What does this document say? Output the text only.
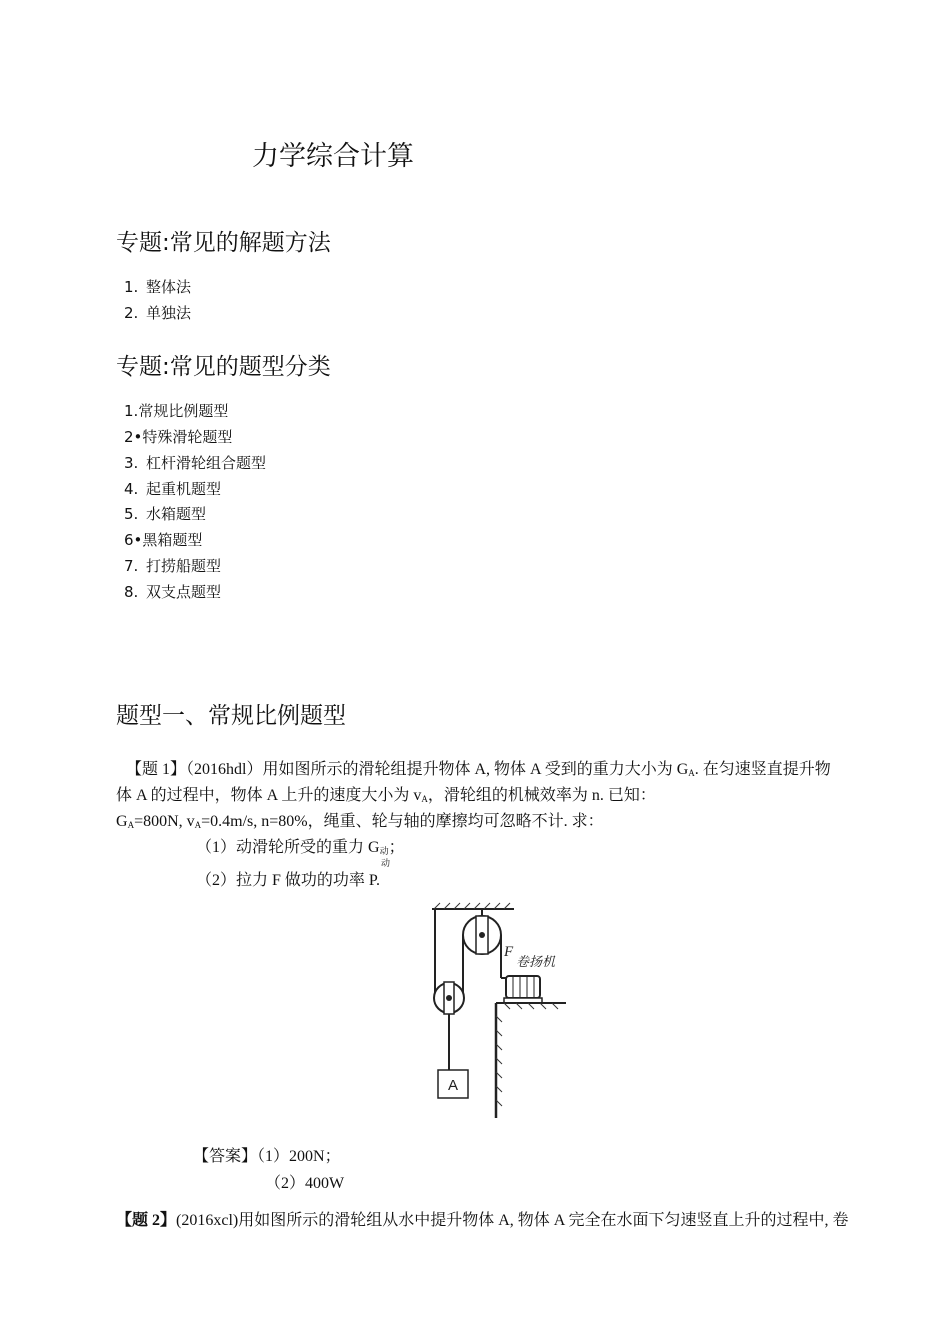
力学综合计算
专题:常见的解题方法
1. 整体法
2. 单独法
专题:常见的题型分类
1.常规比例题型
2•特殊滑轮题型
3. 杠杆滑轮组合题型
4. 起重机题型
5. 水箱题型
6•黑箱题型
7. 打捞船题型
8. 双支点题型
题型一、常规比例题型
【题 1】（2016hdl）用如图所示的滑轮组提升物体 A, 物体 A 受到的重力大小为 $G_A$. 在匀速竖直提升物
体 A 的过程中，物体 A 上升的速度大小为 $v_A$，滑轮组的机械效率为 n. 已知：
$G_A=800N$, $v_A=0.4m/s$, n=80%，绳重、轮与轴的摩擦均可忽略不计. 求：
（1）动滑轮所受的重力 $G_动$；
动
（2）拉力 F 做功的功率 P.
F
卷扬机
A
【答案】（1）200N；
（2）400W
【题 2】(2016xcl)用如图所示的滑轮组从水中提升物体 A, 物体 A 完全在水面下匀速竖直上升的过程中, 卷
